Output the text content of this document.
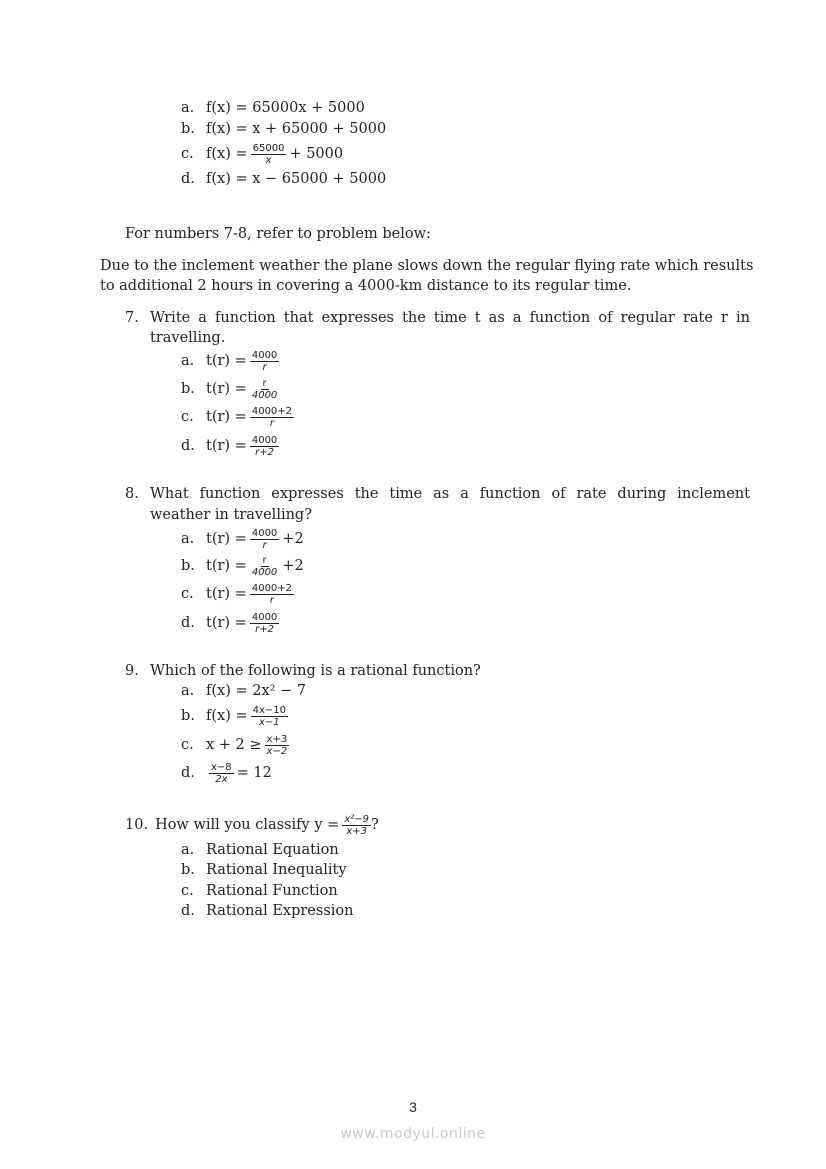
For numbers 7-8, refer to problem below:
Due to the inclement weather the plane slows down the regular flying rate which results
to additional 2 hours in covering a 4000-km distance to its regular time.
7. Write a function that expresses the time t as a function of regular rate r in
travelling.
8. What function expresses the time as a function of rate during inclement
weather in travelling?
9. Which of the following is a rational function?
10. How will you classify $y = \frac{\text{x²−9}}{x+3}$ ?
a. f(x) = 65000x + 5000
b. f(x) = x + 65000 + 5000
c. $f(x) = \frac{65000}{x} + 5000$
d. f(x) = x − 65000 + 5000
a. $t(r) = \frac{4000}{r}$
b. $t(r) = \frac{r}{4000}$
c. $t(r) = \frac{4000+2}{r}$
d. $t(r) = \frac{4000}{r+2}$
a. $t(r) = \frac{4000}{r} +2$
b. $t(r) = \frac{r}{4000} +2$
c. $t(r) = \frac{4000+2}{r}$
d. $t(r) = \frac{4000}{r+2}$
a. f(x) = 2x² − 7
b. $f(x) = \frac{4x-10}{x-1}$
c. $x + 2 \ge \frac{x+3}{x-2}$
d.	$\frac{x-8}{2x} = 12$
a. Rational Equation
b. Rational Inequality
c. Rational Function
d. Rational Expression
3
www.modyul.online
